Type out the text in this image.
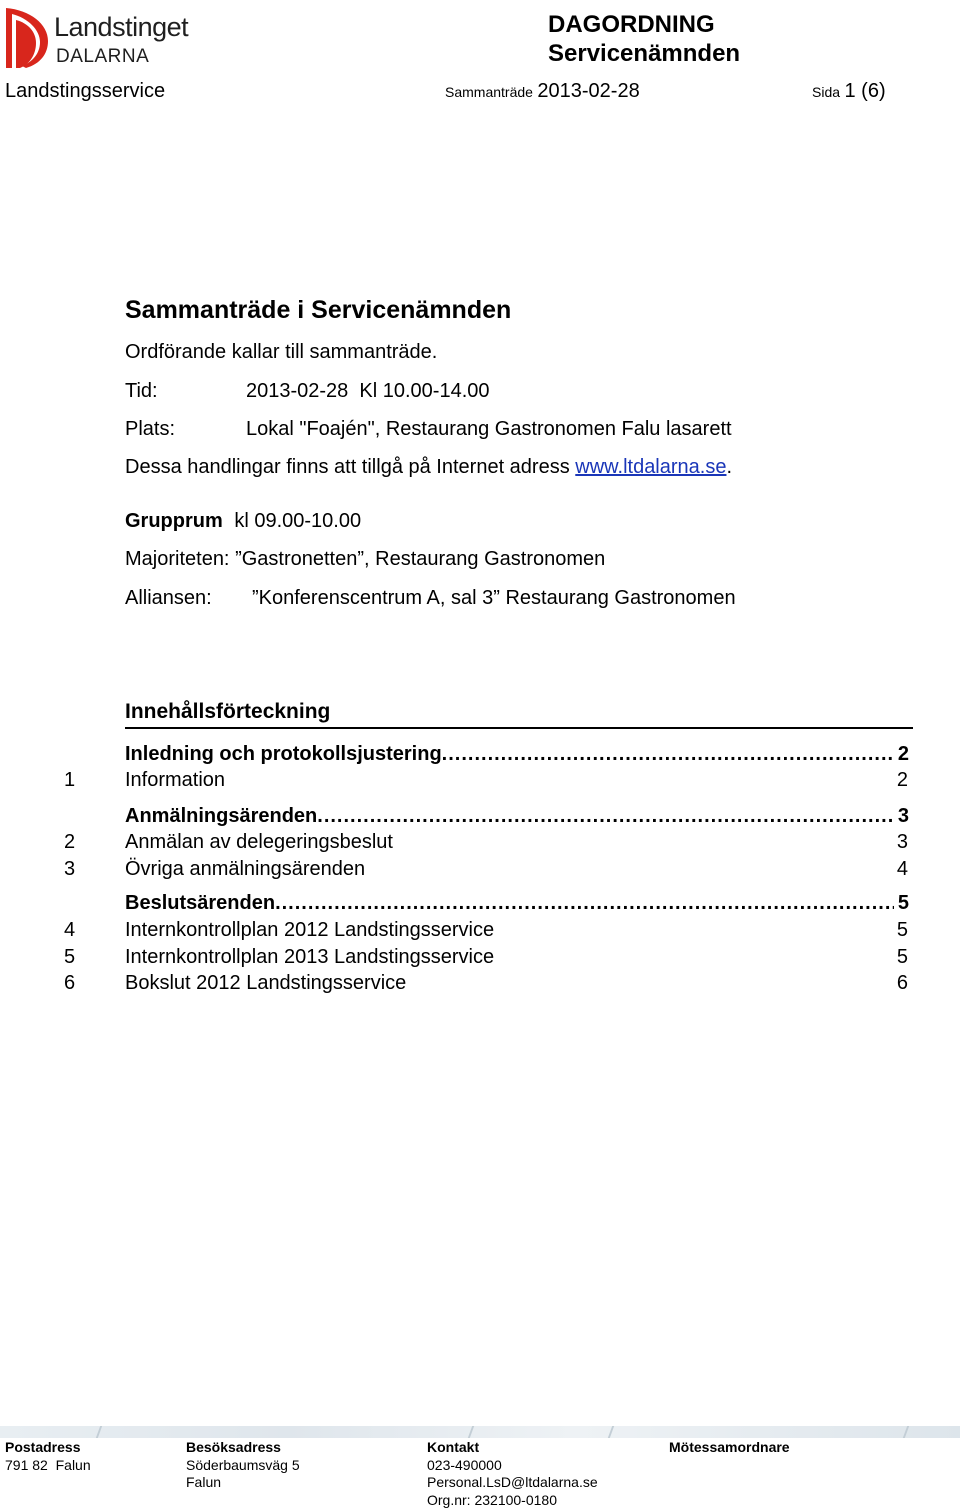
Landstinget
DALARNA
DAGORDNING
Servicenämnden
Landstingsservice	Sammanträde 2013-02-28	Sida 1 (6)
Sammanträde i Servicenämnden
Ordförande kallar till sammanträde.
Tid:	2013-02-28  Kl 10.00-14.00
Plats:	Lokal "Foajén", Restaurang Gastronomen Falu lasarett
Dessa handlingar finns att tillgå på Internet adress www.ltdalarna.se.
Grupprum kl 09.00-10.00
Majoriteten: ”Gastronetten”, Restaurang Gastronomen
Alliansen: ”Konferenscentrum A, sal 3” Restaurang Gastronomen
Innehållsförteckning
Inledning och protokollsjustering .....	2
1 Information	2
Anmälningsärenden .....	3
2 Anmälan av delegeringsbeslut	3
3 Övriga anmälningsärenden	4
Beslutsärenden .....	5
4 Internkontrollplan 2012 Landstingsservice	5
5 Internkontrollplan 2013 Landstingsservice	5
6 Bokslut 2012 Landstingsservice	6
Postadress
791 82  Falun
Besöksadress
Söderbaumsväg 5
Falun
Kontakt
023-490000
Personal.LsD@ltdalarna.se
Org.nr: 232100-0180
Mötessamordnare
